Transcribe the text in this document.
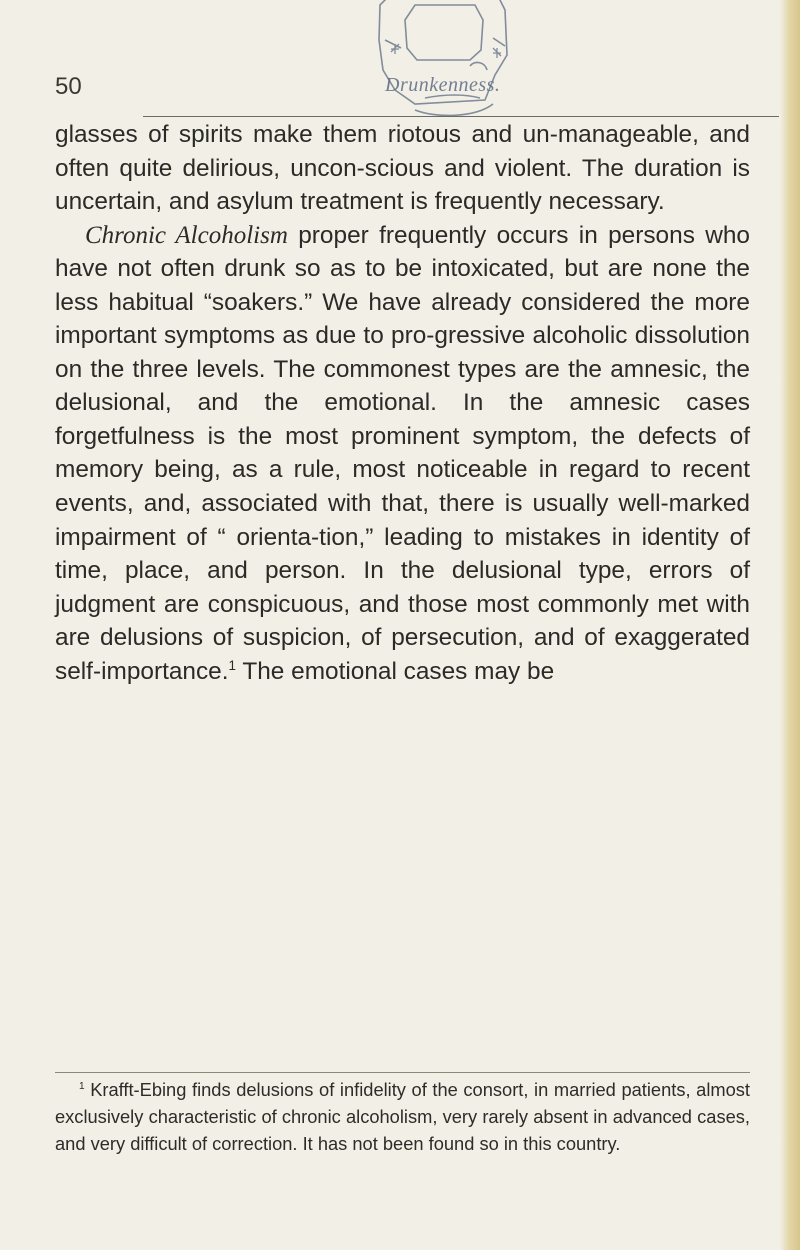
50	Drunkenness.

glasses of spirits make them riotous and un-manageable, and often quite delirious, uncon-scious and violent. The duration is uncertain, and asylum treatment is frequently necessary.

Chronic Alcoholism proper frequently occurs in persons who have not often drunk so as to be intoxicated, but are none the less habitual “soakers.” We have already considered the more important symptoms as due to pro-gressive alcoholic dissolution on the three levels. The commonest types are the amnesic, the delusional, and the emotional. In the amnesic cases forgetfulness is the most prominent symptom, the defects of memory being, as a rule, most noticeable in regard to recent events, and, associated with that, there is usually well-marked impairment of “ orienta-tion,” leading to mistakes in identity of time, place, and person. In the delusional type, errors of judgment are conspicuous, and those most commonly met with are delusions of suspicion, of persecution, and of exaggerated self-importance.$^1$ The emotional cases may be

$^1$ Krafft-Ebing finds delusions of infidelity of the consort, in married patients, almost exclusively characteristic of chronic alcoholism, very rarely absent in advanced cases, and very difficult of correction. It has not been found so in this country.
